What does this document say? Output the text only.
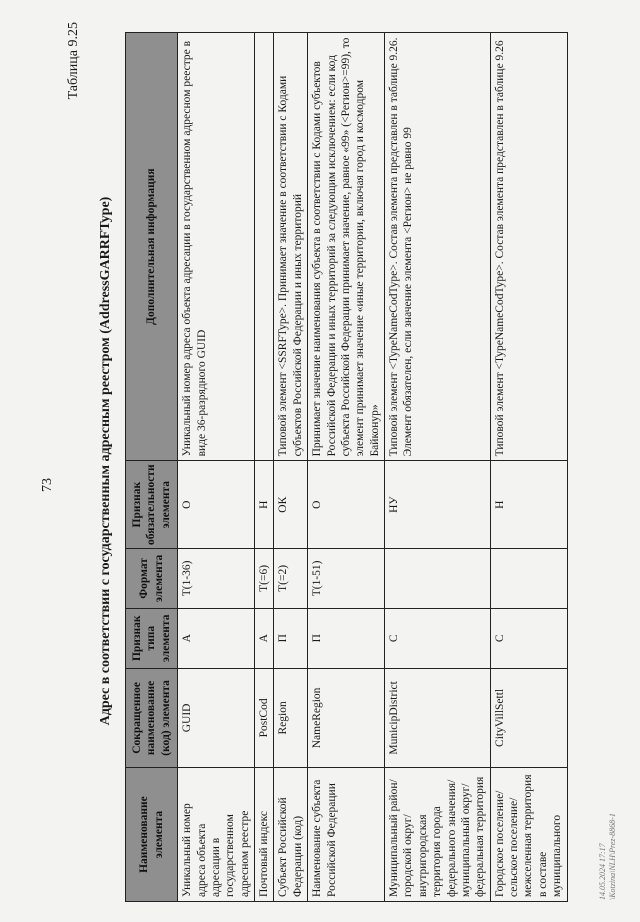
73
Таблица 9.25
Адрес в соответствии с государственным адресным реестром (AddressGARRFType)
Наименование элемента	Сокращенное наименование (код) элемента	Признак типа элемента	Формат элемента	Признак обязательности элемента	Дополнительная информация
Уникальный номер адреса объекта адресации в государственном адресном реестре	GUID	А	T(1-36)	О	Уникальный номер адреса объекта адресации в государственном адресном реестре в виде 36-разрядного GUID
Почтовый индекс	PostCod	А	T(=6)	Н	
Субъект Российской Федерации (код)	Region	П	T(=2)	ОК	Типовой элемент <SSRFType>. Принимает значение в соответствии с Кодами субъектов Российской Федерации и иных территорий
Наименование субъекта Российской Федерации	NameRegion	П	T(1-51)	О	Принимает значение наименования субъекта в соответствии с Кодами субъектов Российской Федерации и иных территорий за следующим исключением: если код субъекта Российской Федерации принимает значение, равное «99» (<Регион>=99), то элемент принимает значение «иные территории, включая город и космодром Байконур»
Муниципальный район/городской округ/внутригородская территория города федерального значения/муниципальный округ/федеральная территория	MunicipDistrict	С		НУ	Типовой элемент <TypeNameCodType>. Состав элемента представлен в таблице 9.26. Элемент обязателен, если значение элемента <Регион> не равно 99
Городское поселение/сельское поселение/межселенная территория в составе муниципального	CityVillSettl	С		Н	Типовой элемент <TypeNameCodType>. Состав элемента представлен в таблице 9.26
14.05.2024 17:17 \Kotzina\NLH\Prez-8868-1
